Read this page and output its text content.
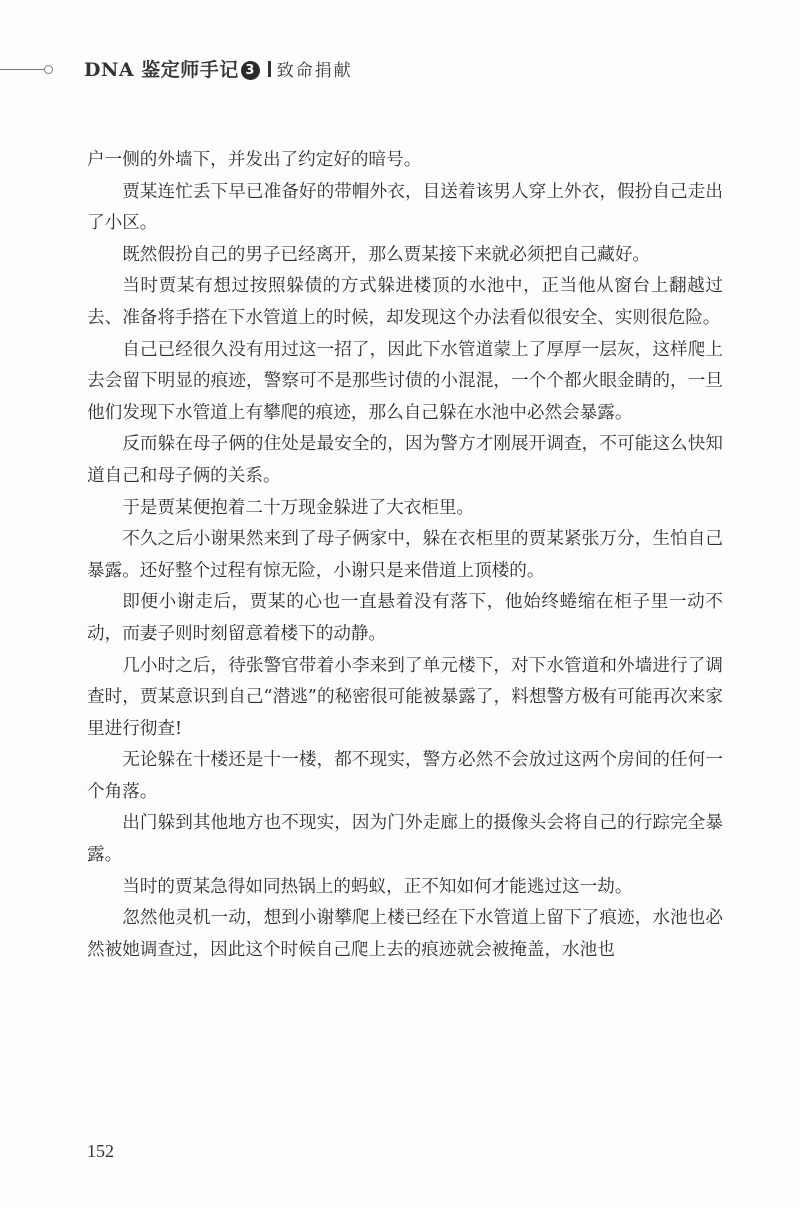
DNA 鉴定师手记 3 致命捐献

户一侧的外墙下，并发出了约定好的暗号。

贾某连忙丢下早已准备好的带帽外衣，目送着该男人穿上外衣，假扮自己走出了小区。

既然假扮自己的男子已经离开，那么贾某接下来就必须把自己藏好。

当时贾某有想过按照躲债的方式躲进楼顶的水池中，正当他从窗台上翻越过去、准备将手搭在下水管道上的时候，却发现这个办法看似很安全、实则很危险。

自己已经很久没有用过这一招了，因此下水管道蒙上了厚厚一层灰，这样爬上去会留下明显的痕迹，警察可不是那些讨债的小混混，一个个都火眼金睛的，一旦他们发现下水管道上有攀爬的痕迹，那么自己躲在水池中必然会暴露。

反而躲在母子俩的住处是最安全的，因为警方才刚展开调查，不可能这么快知道自己和母子俩的关系。

于是贾某便抱着二十万现金躲进了大衣柜里。

不久之后小谢果然来到了母子俩家中，躲在衣柜里的贾某紧张万分，生怕自己暴露。还好整个过程有惊无险，小谢只是来借道上顶楼的。

即便小谢走后，贾某的心也一直悬着没有落下，他始终蜷缩在柜子里一动不动，而妻子则时刻留意着楼下的动静。

几小时之后，待张警官带着小李来到了单元楼下，对下水管道和外墙进行了调查时，贾某意识到自己“潜逃”的秘密很可能被暴露了，料想警方极有可能再次来家里进行彻查!

无论躲在十楼还是十一楼，都不现实，警方必然不会放过这两个房间的任何一个角落。

出门躲到其他地方也不现实，因为门外走廊上的摄像头会将自己的行踪完全暴露。

当时的贾某急得如同热锅上的蚂蚁，正不知如何才能逃过这一劫。

忽然他灵机一动，想到小谢攀爬上楼已经在下水管道上留下了痕迹，水池也必然被她调查过，因此这个时候自己爬上去的痕迹就会被掩盖，水池也

152
